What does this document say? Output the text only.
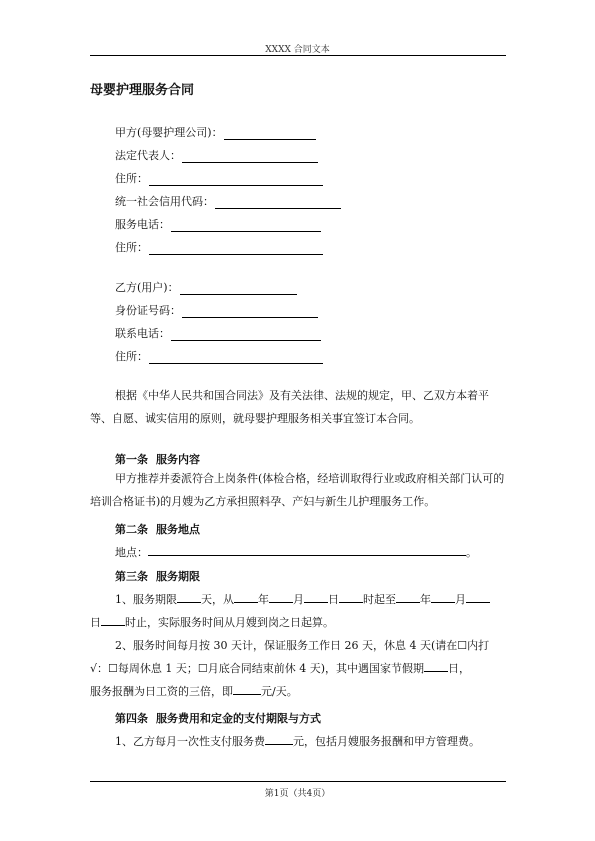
XXXX 合同文本
母婴护理服务合同
甲方(母婴护理公司)：
法定代表人：
住所：
统一社会信用代码：
服务电话：
住所：
乙方(用户)：
身份证号码：
联系电话：
住所：

根据《中华人民共和国合同法》及有关法律、法规的规定，甲、乙双方本着平等、自愿、诚实信用的原则，就母婴护理服务相关事宜签订本合同。

第一条 服务内容

甲方推荐并委派符合上岗条件(体检合格，经培训取得行业或政府相关部门认可的培训合格证书)的月嫂为乙方承担照料孕、产妇与新生儿护理服务工作。

第二条 服务地点
地点：	。
第三条 服务期限
1、服务期限 天，从 年 月 日 时起至 年 月
日 时止，实际服务时间从月嫂到岗之日起算。
2、服务时间每月按 30 天计，保证服务工作日 26 天，休息 4 天(请在☐内打
√：☐每周休息 1 天；☐月底合同结束前休 4 天)，其中遇国家节假期 日，
服务报酬为日工资的三倍，即	元/天。
第四条 服务费用和定金的支付期限与方式
1、乙方每月一次性支付服务费	元，包括月嫂服务报酬和甲方管理费。
第1页（共4页）
